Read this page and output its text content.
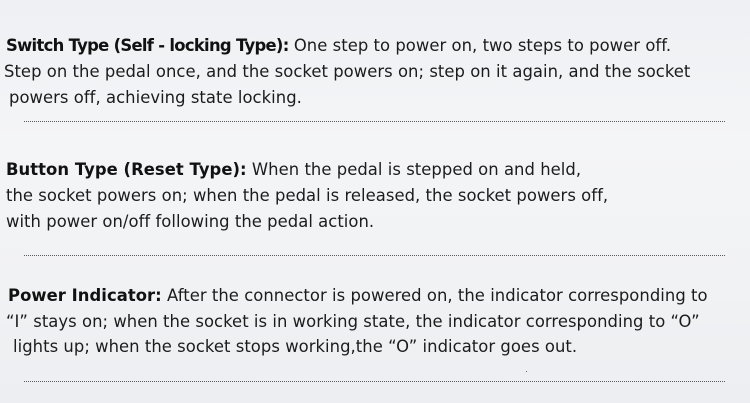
Switch Type (Self - locking Type): One step to power on, two steps to power off.
Step on the pedal once, and the socket powers on; step on it again, and the socket
powers off, achieving state locking.
Button Type (Reset Type): When the pedal is stepped on and held,
the socket powers on; when the pedal is released, the socket powers off,
with power on/off following the pedal action.
Power Indicator: After the connector is powered on, the indicator corresponding to
“I” stays on; when the socket is in working state, the indicator corresponding to “O”
lights up; when the socket stops working,the “O” indicator goes out.
